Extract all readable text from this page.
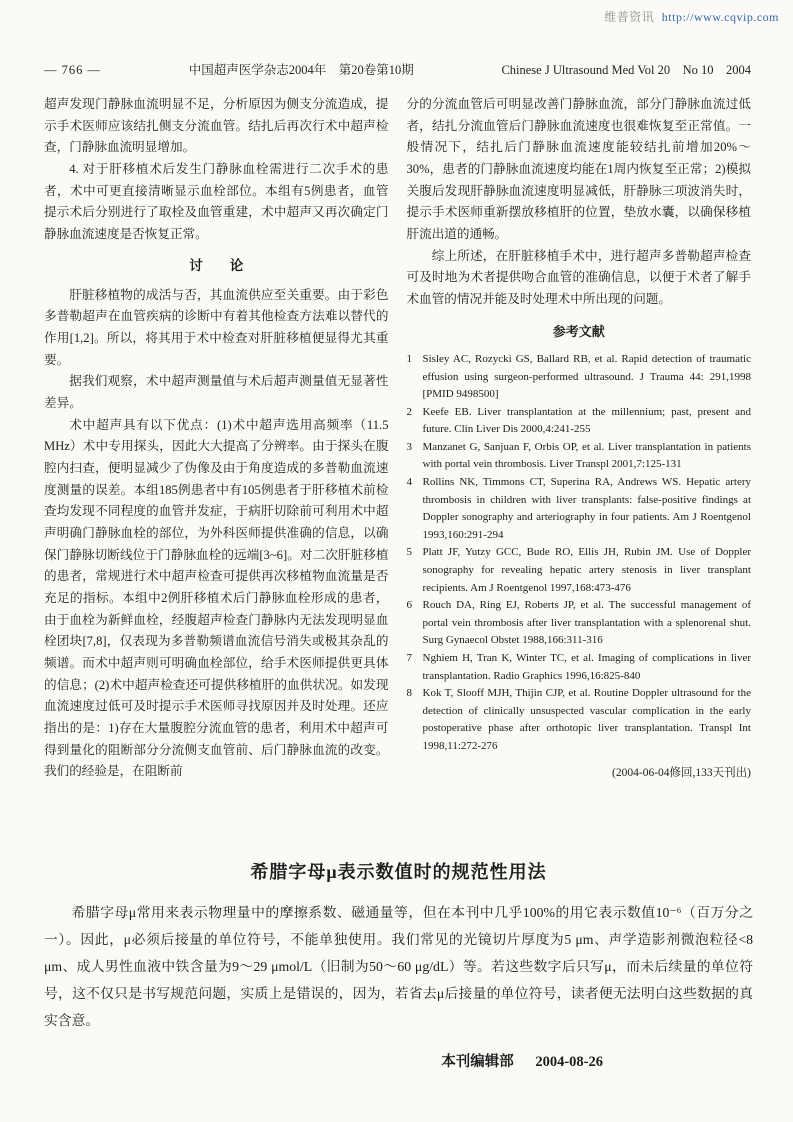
维普资讯 http://www.cqvip.com
— 766 —	中国超声医学杂志2004年　第20卷第10期	Chinese J Ultrasound Med Vol 20　No 10　2004

超声发现门静脉血流明显不足，分析原因为侧支分流造成，提示手术医师应该结扎侧支分流血管。结扎后再次行术中超声检查，门静脉血流明显增加。

4. 对于肝移植术后发生门静脉血栓需进行二次手术的患者，术中可更直接清晰显示血栓部位。本组有5例患者，血管提示术后分别进行了取栓及血管重建，术中超声又再次确定门静脉血流速度是否恢复正常。

讨　　论

肝脏移植物的成活与否，其血流供应至关重要。由于彩色多普勒超声在血管疾病的诊断中有着其他检查方法难以替代的作用[1,2]。所以，将其用于术中检查对肝脏移植便显得尤其重要。

据我们观察，术中超声测量值与术后超声测量值无显著性差异。

术中超声具有以下优点：(1)术中超声选用高频率（11.5 MHz）术中专用探头，因此大大提高了分辨率。由于探头在腹腔内扫查，便明显减少了伪像及由于角度造成的多普勒血流速度测量的误差。本组185例患者中有105例患者于肝移植术前检查均发现不同程度的血管并发症，于病肝切除前可利用术中超声明确门静脉血栓的部位，为外科医师提供准确的信息，以确保门静脉切断线位于门静脉血栓的远端[3~6]。对二次肝脏移植的患者，常规进行术中超声检查可提供再次移植物血流量是否充足的指标。本组中2例肝移植术后门静脉血栓形成的患者，由于血栓为新鲜血栓，经腹超声检查门静脉内无法发现明显血栓团块[7,8]，仅表现为多普勒频谱血流信号消失或极其杂乱的频谱。而术中超声则可明确血栓部位，给手术医师提供更具体的信息；(2)术中超声检查还可提供移植肝的血供状况。如发现血流速度过低可及时提示手术医师寻找原因并及时处理。还应指出的是：1)存在大量腹腔分流血管的患者，利用术中超声可得到量化的阻断部分分流侧支血管前、后门静脉血流的改变。我们的经验是，在阻断前

分的分流血管后可明显改善门静脉血流，部分门静脉血流过低者，结扎分流血管后门静脉血流速度也很难恢复至正常值。一般情况下，结扎后门静脉血流速度能较结扎前增加20%～30%，患者的门静脉血流速度均能在1周内恢复至正常；2)模拟关腹后发现肝静脉血流速度明显减低，肝静脉三项波消失时，提示手术医师重新摆放移植肝的位置，垫放水囊，以确保移植肝流出道的通畅。

综上所述，在肝脏移植手术中，进行超声多普勒超声检查可及时地为术者提供吻合血管的准确信息，以便于术者了解手术血管的情况并能及时处理术中所出现的问题。

参考文献
1 Sisley AC, Rozycki GS, Ballard RB, et al. Rapid detection of traumatic effusion using surgeon-performed ultrasound. J Trauma 44: 291,1998 [PMID 9498500]
2 Keefe EB. Liver transplantation at the millennium; past, present and future. Clin Liver Dis 2000,4:241-255
3 Manzanet G, Sanjuan F, Orbis OP, et al. Liver transplantation in patients with portal vein thrombosis. Liver Transpl 2001,7:125-131
4 Rollins NK, Timmons CT, Superina RA, Andrews WS. Hepatic artery thrombosis in children with liver transplants: false-positive findings at Doppler sonography and arteriography in four patients. Am J Roentgenol 1993,160:291-294
5 Platt JF, Yutzy GCC, Bude RO, Ellis JH, Rubin JM. Use of Doppler sonography for revealing hepatic artery stenosis in liver transplant recipients. Am J Roentgenol 1997,168:473-476
6 Rouch DA, Ring EJ, Roberts JP, et al. The successful management of portal vein thrombosis after liver transplantation with a splenorenal shut. Surg Gynaecol Obstet 1988,166:311-316
7 Nghiem H, Tran K, Winter TC, et al. Imaging of complications in liver transplantation. Radio Graphics 1996,16:825-840
8 Kok T, Slooff MJH, Thijin CJP, et al. Routine Doppler ultrasound for the detection of clinically unsuspected vascular complication in the early postoperative phase after orthotopic liver transplantation. Transpl Int 1998,11:272-276
(2004-06-04修回,133天刊出)
希腊字母μ表示数值时的规范性用法

希腊字母μ常用来表示物理量中的摩擦系数、磁通量等，但在本刊中几乎100%的用它表示数值10⁻⁶（百万分之一）。因此，μ必须后接量的单位符号，不能单独使用。我们常见的光镜切片厚度为5 μm、声学造影剂微泡粒径<8 μm、成人男性血液中铁含量为9～29 μmol/L（旧制为50～60 μg/dL）等。若这些数字后只写μ，而未后续量的单位符号，这不仅只是书写规范问题，实质上是错误的，因为，若省去μ后接量的单位符号，读者便无法明白这些数据的真实含意。

本刊编辑部 2004-08-26
